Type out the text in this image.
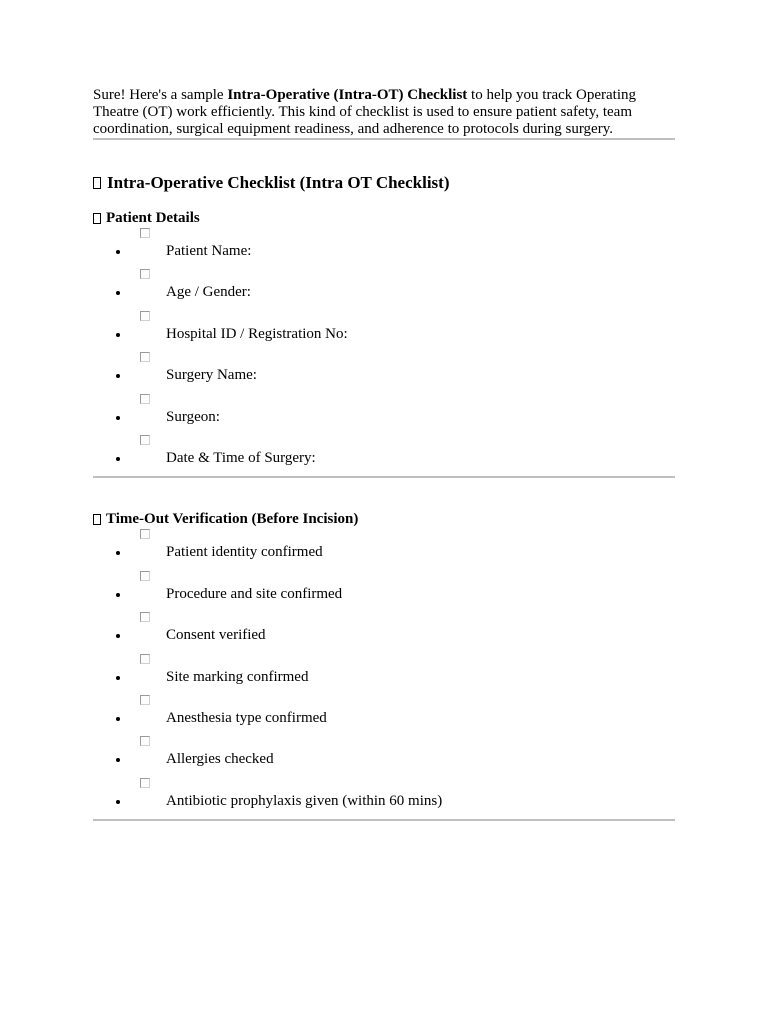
Sure! Here's a sample Intra-Operative (Intra-OT) Checklist to help you track Operating Theatre (OT) work efficiently. This kind of checklist is used to ensure patient safety, team coordination, surgical equipment readiness, and adherence to protocols during surgery.

Intra-Operative Checklist (Intra OT Checklist)
Patient Details
Patient Name:
Age / Gender:
Hospital ID / Registration No:
Surgery Name:
Surgeon:
Date & Time of Surgery:
Time-Out Verification (Before Incision)
Patient identity confirmed
Procedure and site confirmed
Consent verified
Site marking confirmed
Anesthesia type confirmed
Allergies checked
Antibiotic prophylaxis given (within 60 mins)
